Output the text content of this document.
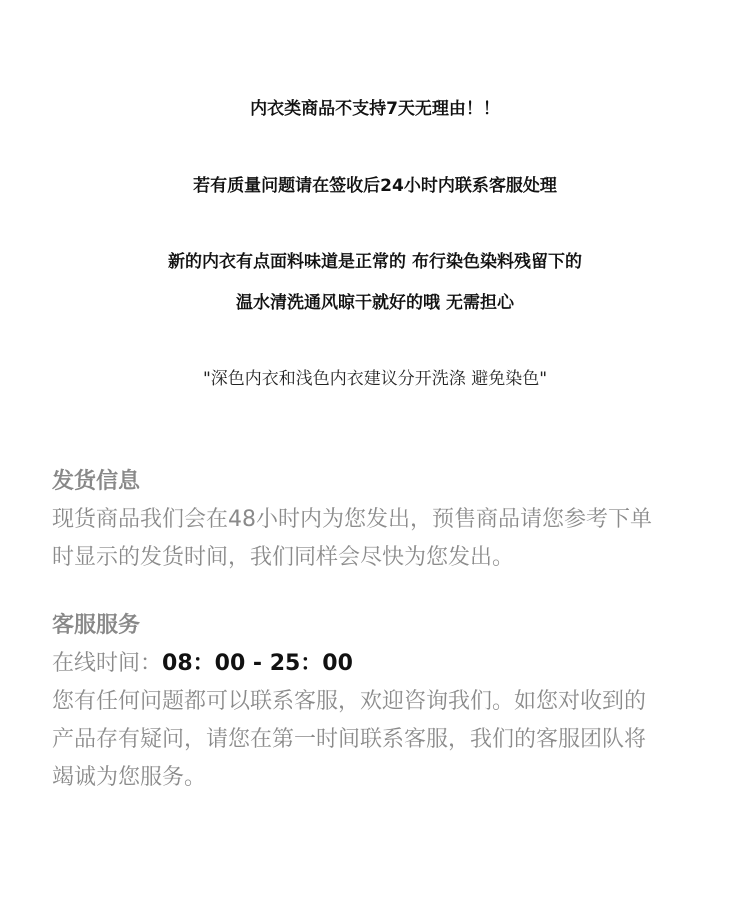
内衣类商品不支持7天无理由！！
若有质量问题请在签收后24小时内联系客服处理
新的内衣有点面料味道是正常的 布行染色染料残留下的
温水清洗通风晾干就好的哦 无需担心
"深色内衣和浅色内衣建议分开洗涤 避免染色"
发货信息
现货商品我们会在48小时内为您发出，预售商品请您参考下单
时显示的发货时间，我们同样会尽快为您发出。
客服服务
在线时间：08：00 - 25：00
您有任何问题都可以联系客服，欢迎咨询我们。如您对收到的
产品存有疑问，请您在第一时间联系客服，我们的客服团队将
竭诚为您服务。
